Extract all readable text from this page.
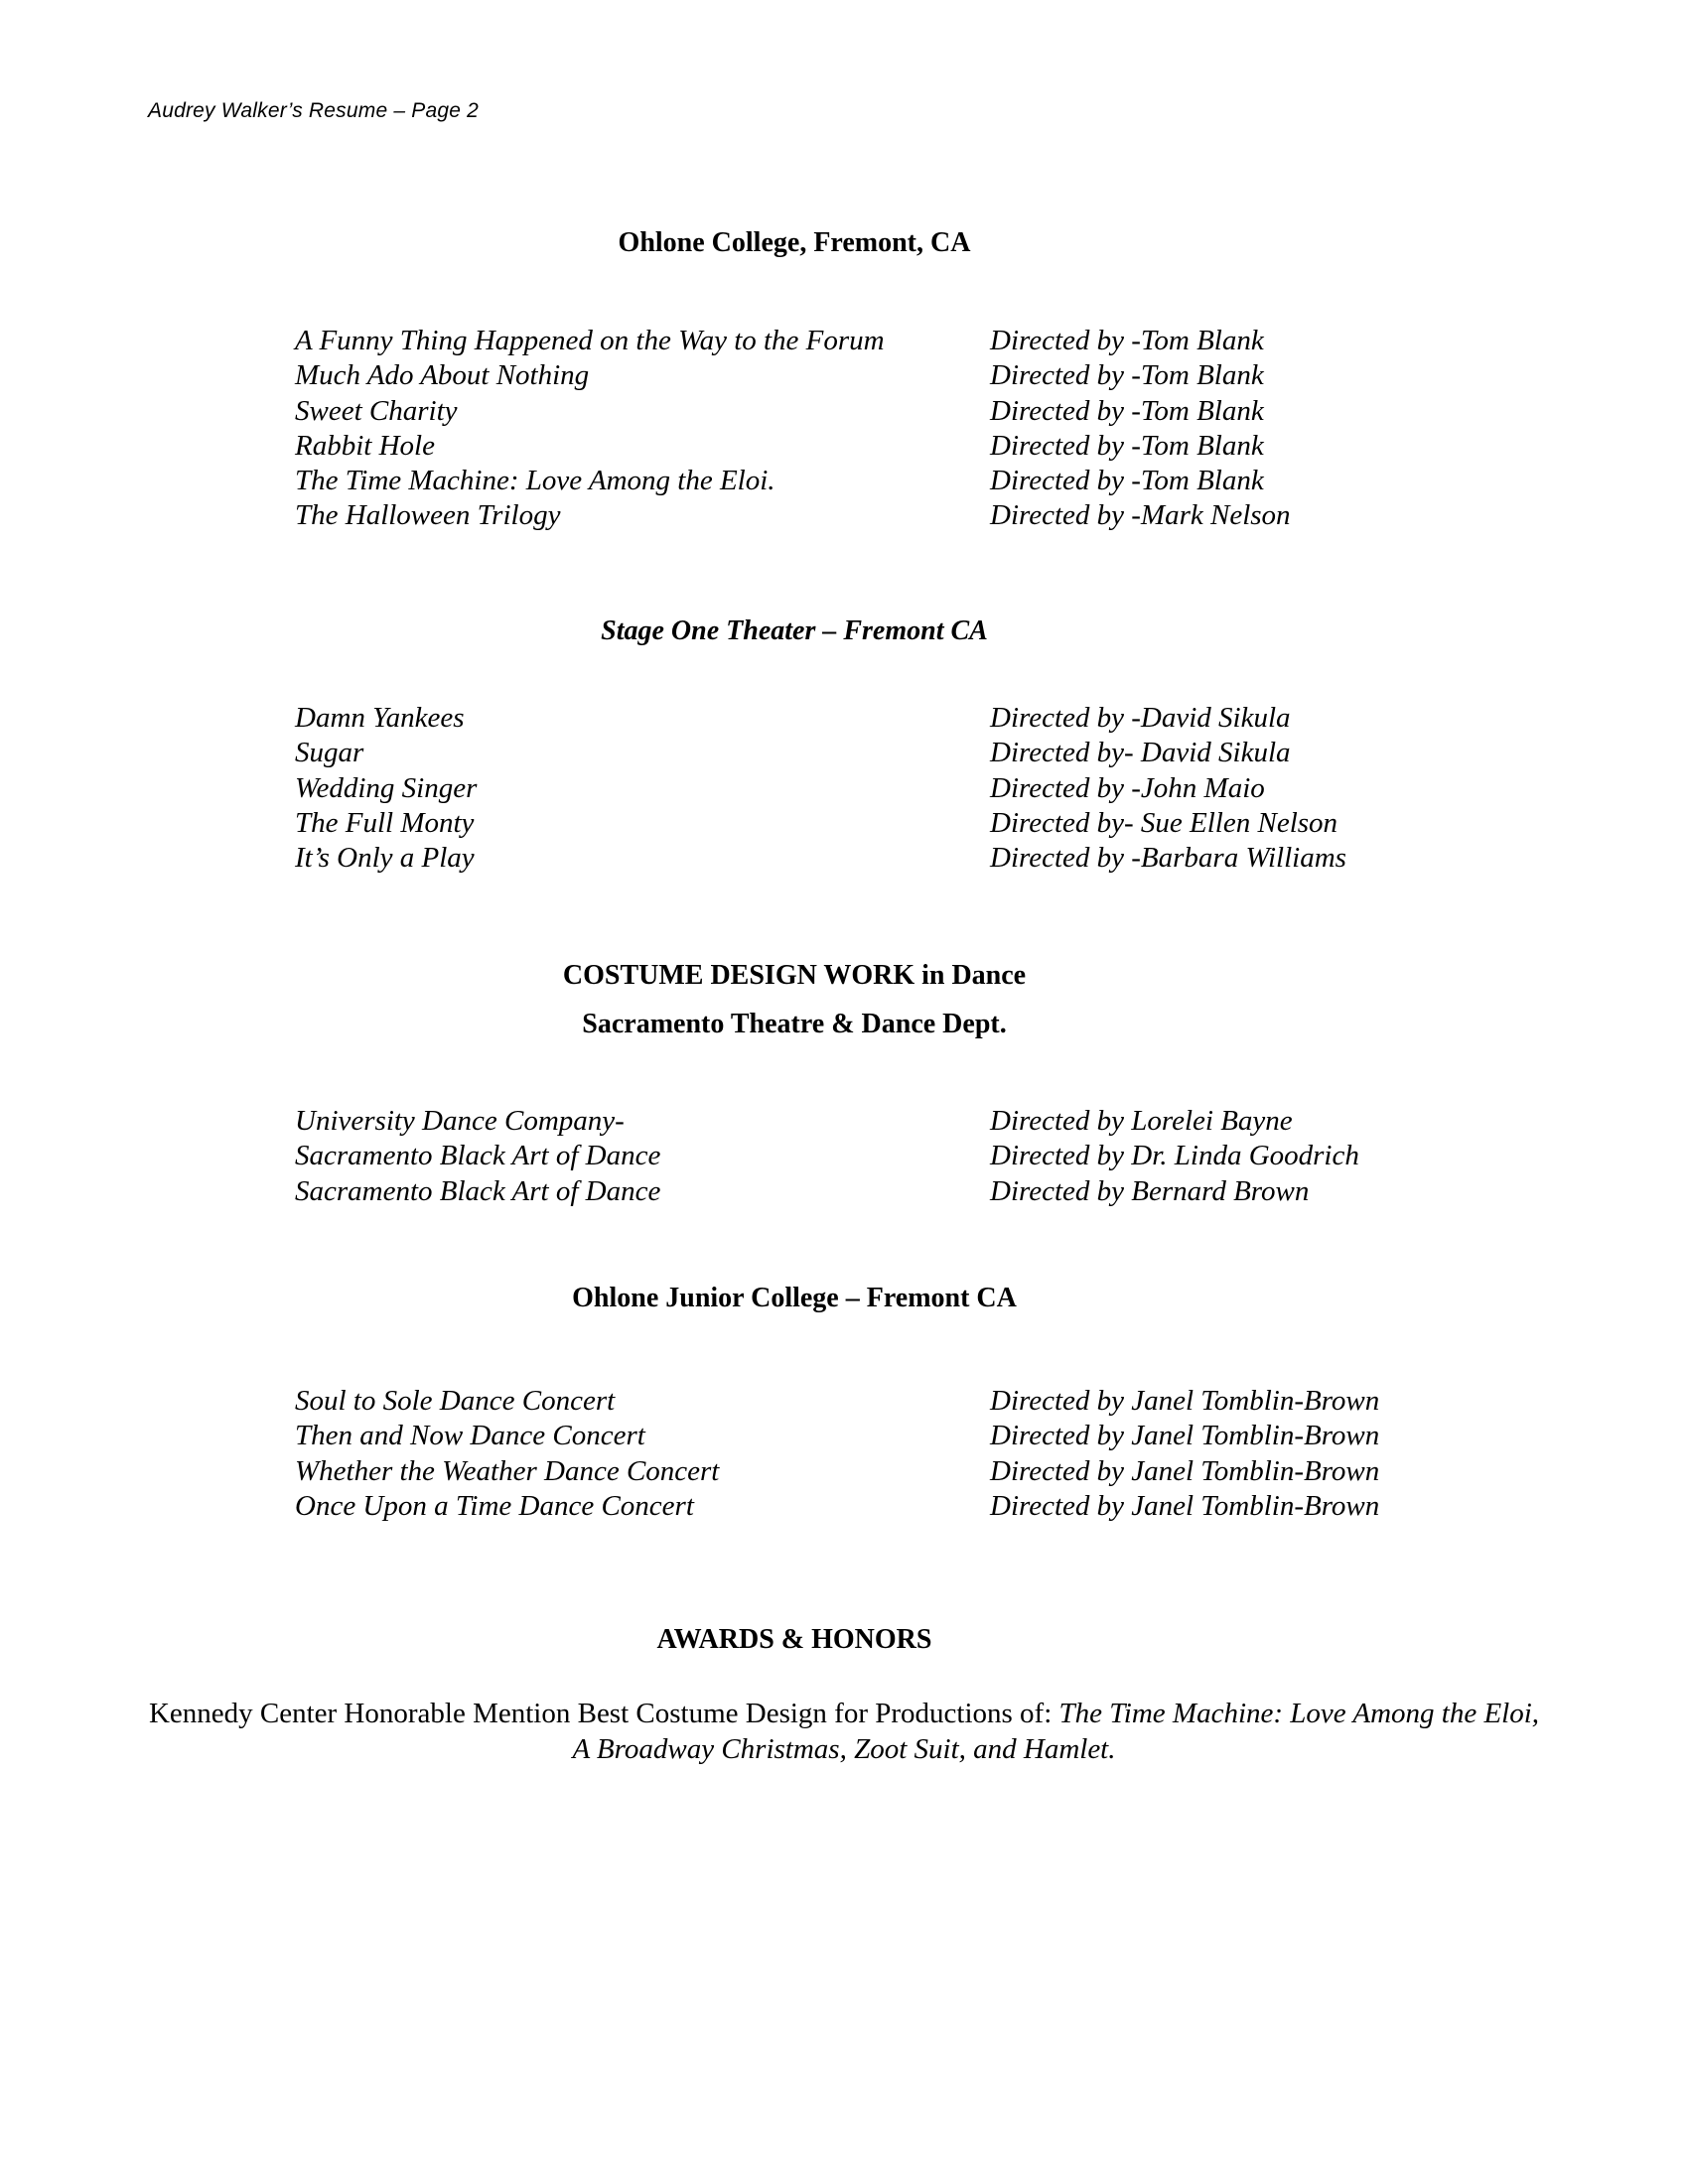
Audrey Walker’s Resume – Page 2
Ohlone College, Fremont, CA
A Funny Thing Happened on the Way to the Forum	Directed by -Tom Blank
Much Ado About Nothing	Directed by -Tom Blank
Sweet Charity	Directed by -Tom Blank
Rabbit Hole	Directed by -Tom Blank
The Time Machine: Love Among the Eloi.	Directed by -Tom Blank
The Halloween Trilogy	Directed by -Mark Nelson
Stage One Theater – Fremont CA
Damn Yankees	Directed by -David Sikula
Sugar	Directed by- David Sikula
Wedding Singer	Directed by -John Maio
The Full Monty	Directed by- Sue Ellen Nelson
It’s Only a Play	Directed by -Barbara Williams
COSTUME DESIGN WORK in Dance
Sacramento Theatre & Dance Dept.
University Dance Company-	Directed by Lorelei Bayne
Sacramento Black Art of Dance	Directed by Dr. Linda Goodrich
Sacramento Black Art of Dance	Directed by Bernard Brown
Ohlone Junior College – Fremont CA
Soul to Sole Dance Concert	Directed by Janel Tomblin-Brown
Then and Now Dance Concert	Directed by Janel Tomblin-Brown
Whether the Weather Dance Concert	Directed by Janel Tomblin-Brown
Once Upon a Time Dance Concert	Directed by Janel Tomblin-Brown
AWARDS & HONORS
Kennedy Center Honorable Mention Best Costume Design for Productions of: The Time Machine: Love Among the Eloi,
A Broadway Christmas, Zoot Suit, and Hamlet.
